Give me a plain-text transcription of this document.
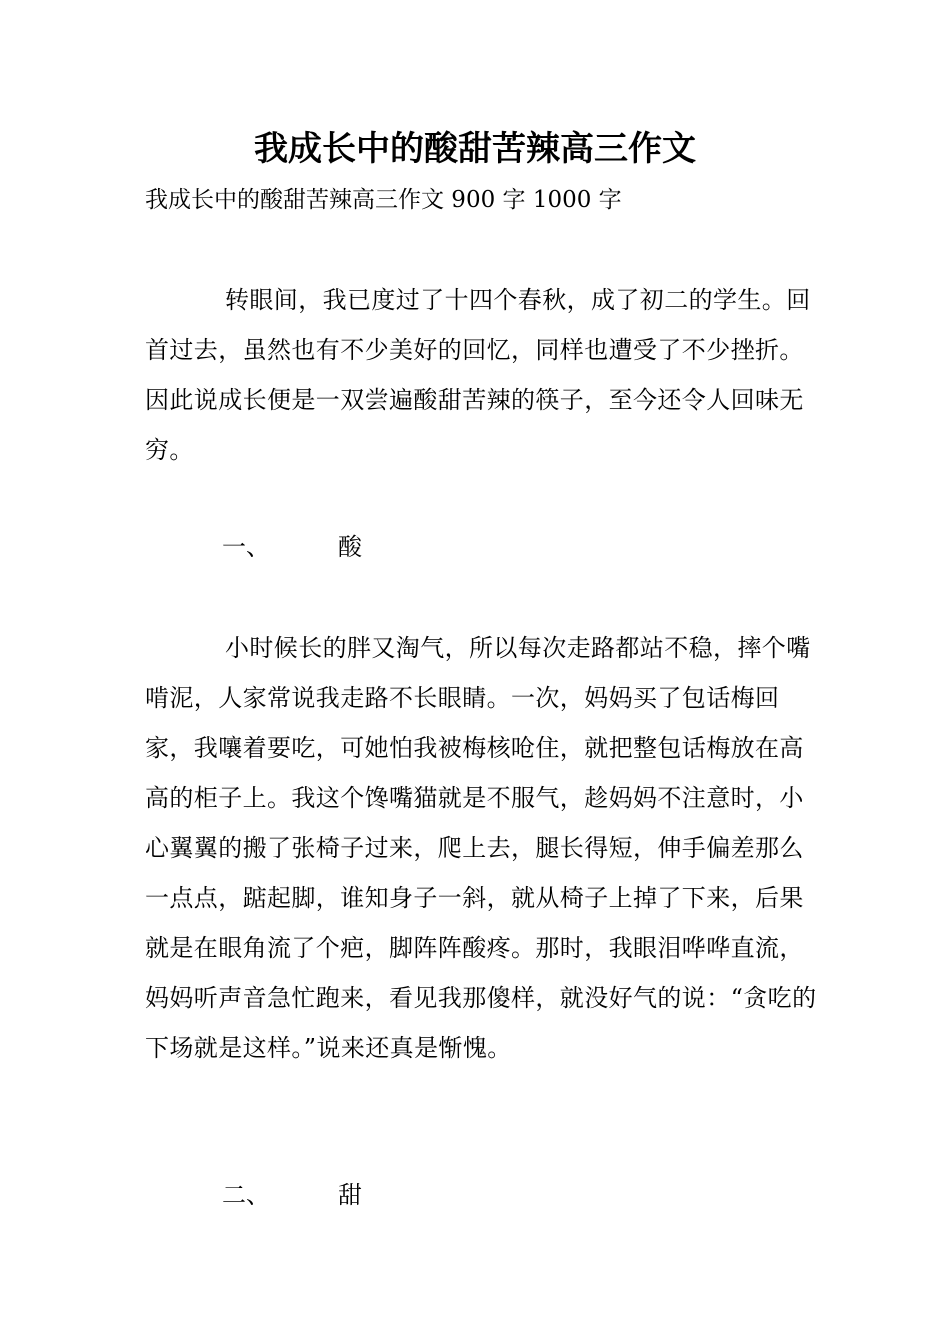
我成长中的酸甜苦辣高三作文
我成长中的酸甜苦辣高三作文 900 字 1000 字

转眼间，我已度过了十四个春秋，成了初二的学生。回首过去，虽然也有不少美好的回忆，同样也遭受了不少挫折。因此说成长便是一双尝遍酸甜苦辣的筷子，至今还令人回味无穷。

一、	酸

小时候长的胖又淘气，所以每次走路都站不稳，摔个嘴啃泥，人家常说我走路不长眼睛。一次，妈妈买了包话梅回家，我嚷着要吃，可她怕我被梅核呛住，就把整包话梅放在高高的柜子上。我这个馋嘴猫就是不服气，趁妈妈不注意时，小心翼翼的搬了张椅子过来，爬上去，腿长得短，伸手偏差那么一点点，踮起脚，谁知身子一斜，就从椅子上掉了下来，后果就是在眼角流了个疤，脚阵阵酸疼。那时，我眼泪哗哗直流，妈妈听声音急忙跑来，看见我那傻样，就没好气的说：“贪吃的下场就是这样。”说来还真是惭愧。

二、	甜
